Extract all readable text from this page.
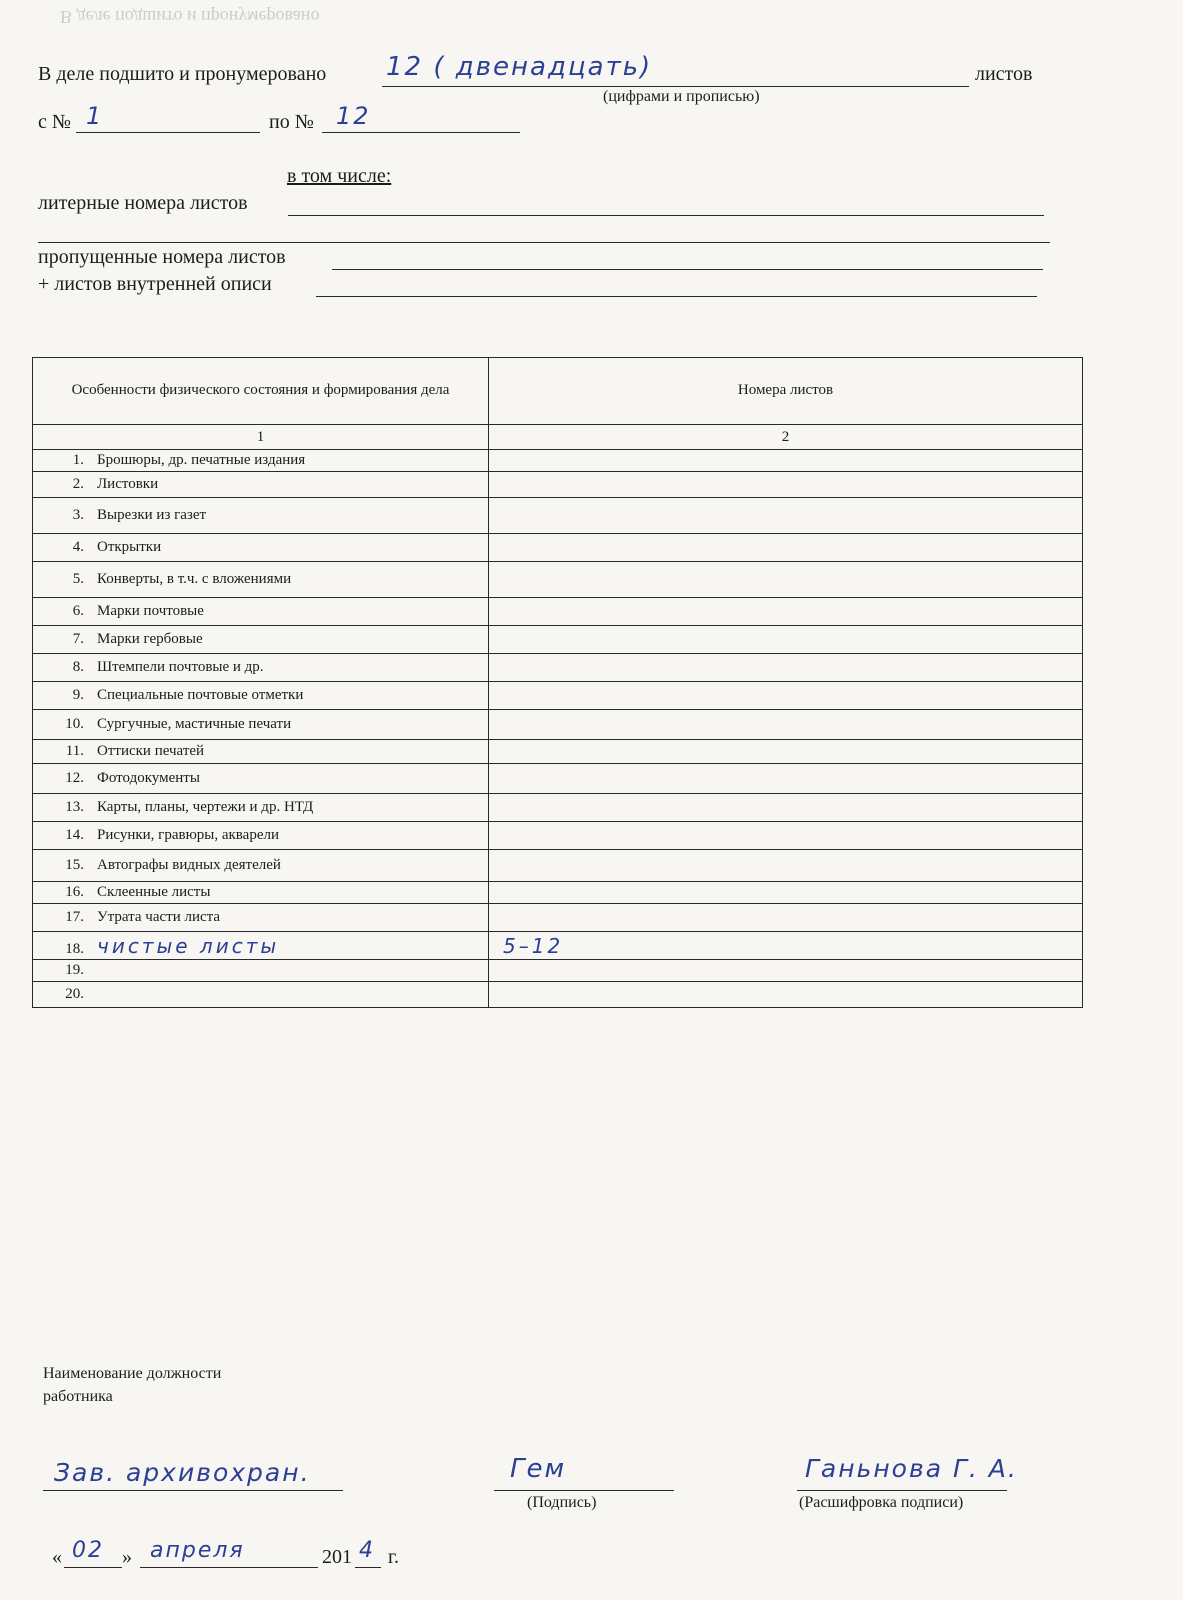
В деле подшито и пронумеровано
В деле подшито и пронумеровано 12 ( двенадцать)	листов
(цифрами и прописью)
с № 1	по № 12
в том числе:
литерные номера листов
пропущенные номера листов
+ листов внутренней описи
Особенности физического состояния и формирования дела	Номера листов
1	2
1. Брошюры, др. печатные издания	
2. Листовки	
3. Вырезки из газет	
4. Открытки	
5. Конверты, в т.ч. с вложениями	
6. Марки почтовые	
7. Марки гербовые	
8. Штемпели почтовые и др.	
9. Специальные почтовые отметки	
10. Сургучные, мастичные печати	
11. Оттиски печатей	
12. Фотодокументы	
13. Карты, планы, чертежи и др. НТД	
14. Рисунки, гравюры, акварели	
15. Автографы видных деятелей	
16. Склеенные листы	
17. Утрата части листа	
18. чистые листы	5–12
19.	
20.	
Наименование должности
работника
Зав. архивохран.	Гем
(Подпись)
Ганьнова Г. А.
(Расшифровка подписи)
« 02 » апреля	201 4 г.
